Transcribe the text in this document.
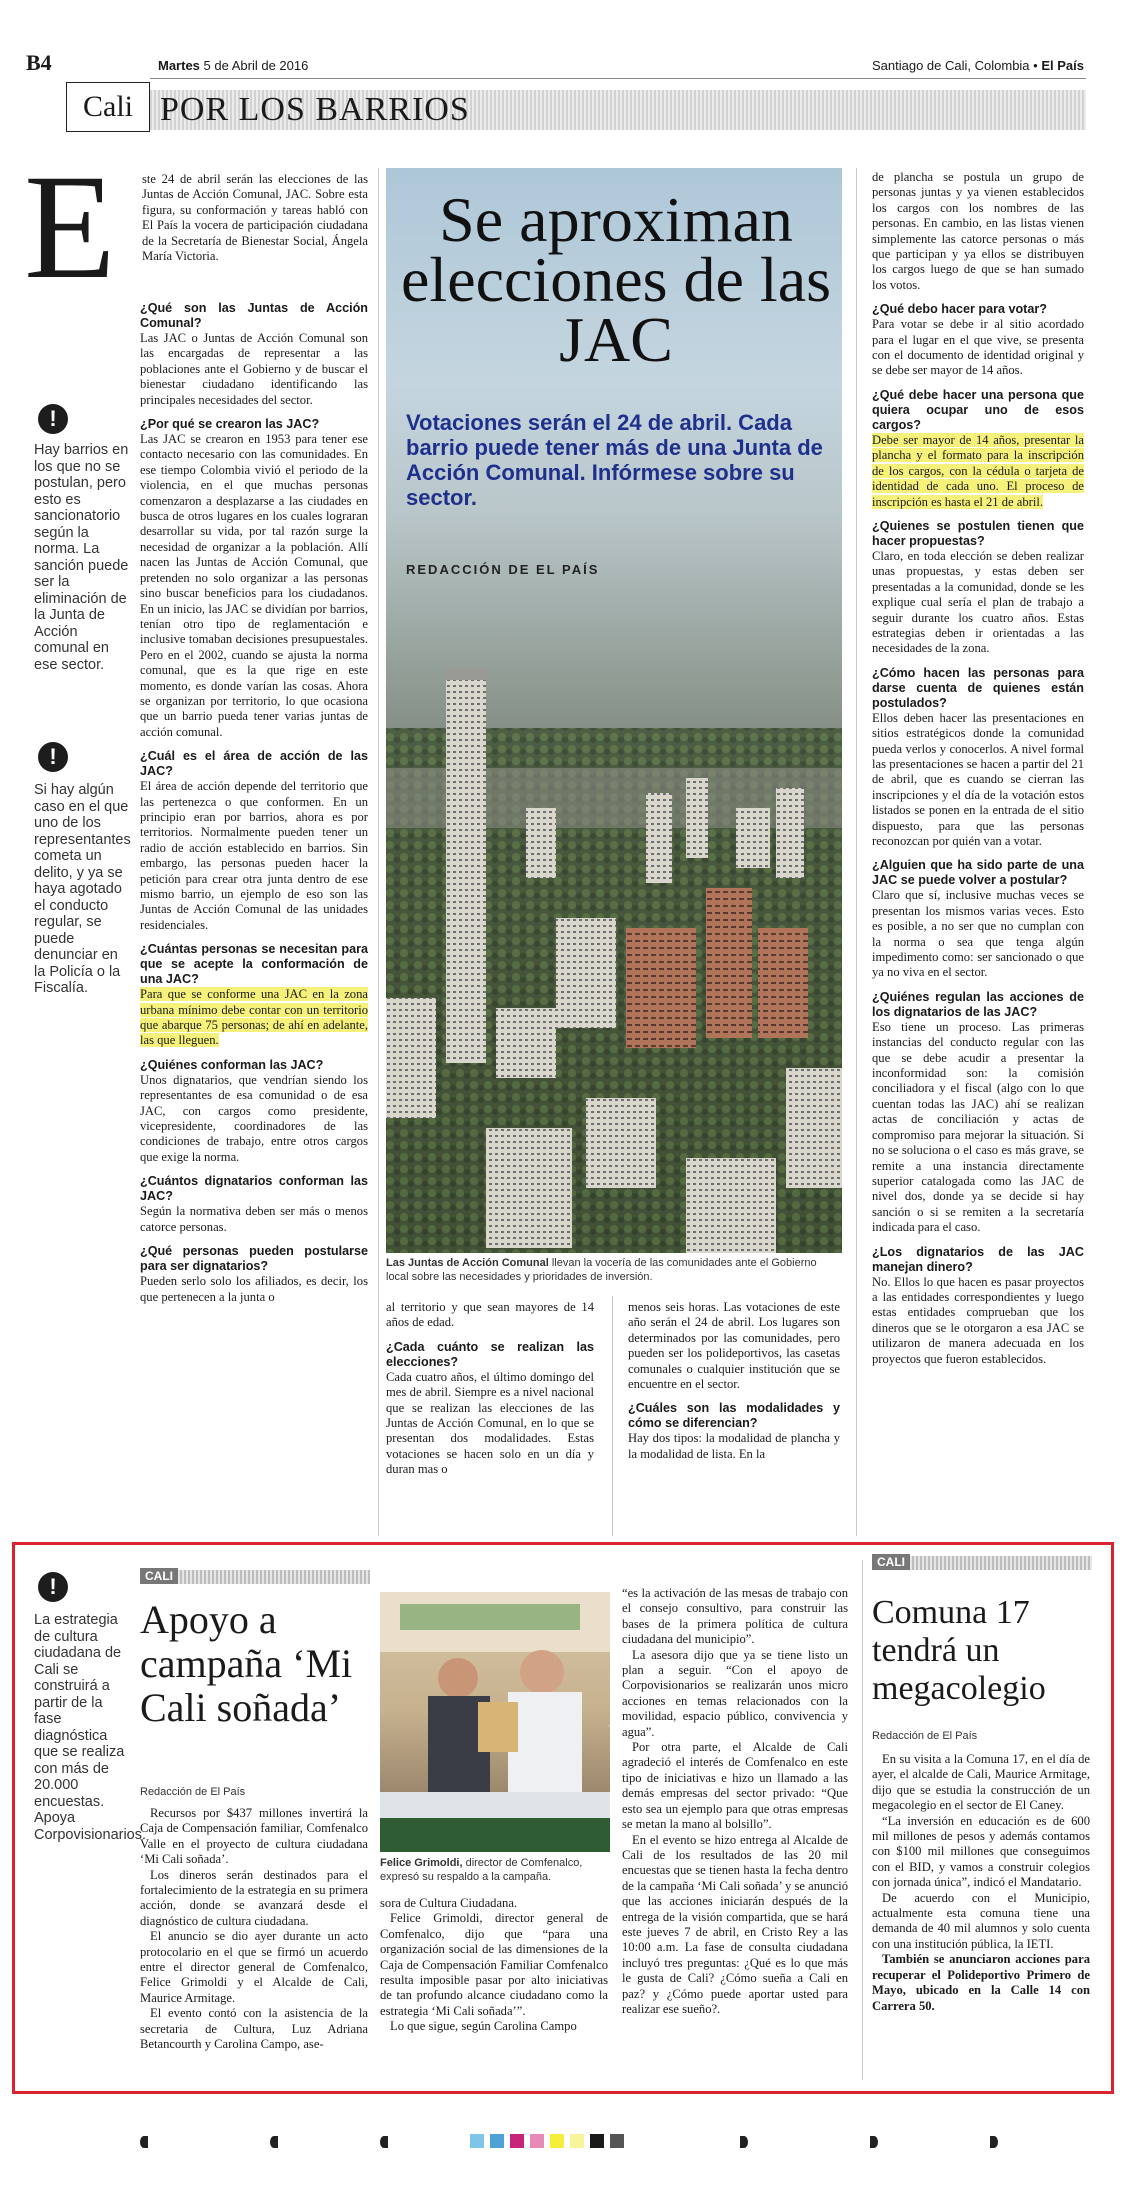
B4	Martes 5 de Abril de 2016	Santiago de Cali, Colombia • El País
Cali POR LOS BARRIOS
E ste 24 de abril serán las elecciones de las Juntas de Acción Comunal, JAC. Sobre esta figura, su conformación y tareas habló con El País la vocera de participación ciudadana de la Secretaría de Bienestar Social, Ángela María Victoria.
¿Qué son las Juntas de Acción Comunal?
Las JAC o Juntas de Acción Comunal son las encargadas de representar a las poblaciones ante el Gobierno y de buscar el bienestar ciudadano identificando las principales necesidades del sector.
¿Por qué se crearon las JAC?
Las JAC se crearon en 1953 para tener ese contacto necesario con las comunidades. En ese tiempo Colombia vivió el periodo de la violencia, en el que muchas personas comenzaron a desplazarse a las ciudades en busca de otros lugares en los cuales lograran desarrollar su vida, por tal razón surge la necesidad de organizar a la población. Allí nacen las Juntas de Acción Comunal, que pretenden no solo organizar a las personas sino buscar beneficios para los ciudadanos. En un inicio, las JAC se dividían por barrios, tenían otro tipo de reglamentación e inclusive tomaban decisiones presupuestales. Pero en el 2002, cuando se ajusta la norma comunal, que es la que rige en este momento, es donde varían las cosas. Ahora se organizan por territorio, lo que ocasiona que un barrio pueda tener varias juntas de acción comunal.
¿Cuál es el área de acción de las JAC?
El área de acción depende del territorio que las pertenezca o que conformen. En un principio eran por barrios, ahora es por territorios. Normalmente pueden tener un radio de acción establecido en barrios. Sin embargo, las personas pueden hacer la petición para crear otra junta dentro de ese mismo barrio, un ejemplo de eso son las Juntas de Acción Comunal de las unidades residenciales.
¿Cuántas personas se necesitan para que se acepte la conformación de una JAC?
Para que se conforme una JAC en la zona urbana mínimo debe contar con un territorio que abarque 75 personas; de ahí en adelante, las que lleguen.
¿Quiénes conforman las JAC?
Unos dignatarios, que vendrían siendo los representantes de esa comunidad o de esa JAC, con cargos como presidente, vicepresidente, coordinadores de las condiciones de trabajo, entre otros cargos que exige la norma.
¿Cuántos dignatarios conforman las JAC?
Según la normativa deben ser más o menos catorce personas.
¿Qué personas pueden postularse para ser dignatarios?
Pueden serlo solo los afiliados, es decir, los que pertenecen a la junta o
!
Hay barrios en los que no se postulan, pero esto es sancionatorio según la norma. La sanción puede ser la eliminación de la Junta de Acción comunal en ese sector.
!
Si hay algún caso en el que uno de los representantes cometa un delito, y ya se haya agotado el conducto regular, se puede denunciar en la Policía o la Fiscalía.
Se aproximan elecciones de las JAC
Votaciones serán el 24 de abril. Cada barrio puede tener más de una Junta de Acción Comunal. Infórmese sobre su sector.
REDACCIÓN DE EL PAÍS
Las Juntas de Acción Comunal llevan la vocería de las comunidades ante el Gobierno local sobre las necesidades y prioridades de inversión.
al territorio y que sean mayores de 14 años de edad.
¿Cada cuánto se realizan las elecciones?
Cada cuatro años, el último domingo del mes de abril. Siempre es a nivel nacional que se realizan las elecciones de las Juntas de Acción Comunal, en lo que se presentan dos modalidades. Estas votaciones se hacen solo en un día y duran mas o
menos seis horas. Las votaciones de este año serán el 24 de abril. Los lugares son determinados por las comunidades, pero pueden ser los polideportivos, las casetas comunales o cualquier institución que se encuentre en el sector.
¿Cuáles son las modalidades y cómo se diferencian?
Hay dos tipos: la modalidad de plancha y la modalidad de lista. En la
de plancha se postula un grupo de personas juntas y ya vienen establecidos los cargos con los nombres de las personas. En cambio, en las listas vienen simplemente las catorce personas o más que participan y ya ellos se distribuyen los cargos luego de que se han sumado los votos.
¿Qué debo hacer para votar?
Para votar se debe ir al sitio acordado para el lugar en el que vive, se presenta con el documento de identidad original y se debe ser mayor de 14 años.
¿Qué debe hacer una persona que quiera ocupar uno de esos cargos?
Debe ser mayor de 14 años, presentar la plancha y el formato para la inscripción de los cargos, con la cédula o tarjeta de identidad de cada uno. El proceso de inscripción es hasta el 21 de abril.
¿Quienes se postulen tienen que hacer propuestas?
Claro, en toda elección se deben realizar unas propuestas, y estas deben ser presentadas a la comunidad, donde se les explique cual sería el plan de trabajo a seguir durante los cuatro años. Estas estrategias deben ir orientadas a las necesidades de la zona.
¿Cómo hacen las personas para darse cuenta de quienes están postulados?
Ellos deben hacer las presentaciones en sitios estratégicos donde la comunidad pueda verlos y conocerlos. A nivel formal las presentaciones se hacen a partir del 21 de abril, que es cuando se cierran las inscripciones y el día de la votación estos listados se ponen en la entrada de el sitio dispuesto, para que las personas reconozcan por quién van a votar.
¿Alguien que ha sido parte de una JAC se puede volver a postular?
Claro que sí, inclusive muchas veces se presentan los mismos varias veces. Esto es posible, a no ser que no cumplan con la norma o sea que tenga algún impedimento como: ser sancionado o que ya no viva en el sector.
¿Quiénes regulan las acciones de los dignatarios de las JAC?
Eso tiene un proceso. Las primeras instancias del conducto regular con las que se debe acudir a presentar la inconformidad son: la comisión conciliadora y el fiscal (algo con lo que cuentan todas las JAC) ahí se realizan actas de conciliación y actas de compromiso para mejorar la situación. Si no se soluciona o el caso es más grave, se remite a una instancia directamente superior catalogada como las JAC de nivel dos, donde ya se decide si hay sanción o si se remiten a la secretaría indicada para el caso.
¿Los dignatarios de las JAC manejan dinero?
No. Ellos lo que hacen es pasar proyectos a las entidades correspondientes y luego estas entidades comprueban que los dineros que se le otorgaron a esa JAC se utilizaron de manera adecuada en los proyectos que fueron establecidos.
!
La estrategia de cultura ciudadana de Cali se construirá a partir de la fase diagnóstica que se realiza con más de 20.000 encuestas. Apoya Corpovisionarios.
CALI
Apoyo a campaña ‘Mi Cali soñada’
Redacción de El País

Recursos por $437 millones invertirá la Caja de Compensación familiar, Comfenalco Valle en el proyecto de cultura ciudadana ‘Mi Cali soñada’.

Los dineros serán destinados para el fortalecimiento de la estrategia en su primera acción, donde se avanzará desde el diagnóstico de cultura ciudadana.

El anuncio se dio ayer durante un acto protocolario en el que se firmó un acuerdo entre el director general de Comfenalco, Felice Grimoldi y el Alcalde de Cali, Maurice Armitage.

El evento contó con la asistencia de la secretaria de Cultura, Luz Adriana Betancourth y Carolina Campo, ase-

ESPECIAL PARA EL PAÍS
Felice Grimoldi, director de Comfenalco, expresó su respaldo a la campaña.
sora de Cultura Ciudadana.

Felice Grimoldi, director general de Comfenalco, dijo que “para una organización social de las dimensiones de la Caja de Compensación Familiar Comfenalco resulta imposible pasar por alto iniciativas de tan profundo alcance ciudadano como la estrategia ‘Mi Cali soñada’”.

Lo que sigue, según Carolina Campo

“es la activación de las mesas de trabajo con el consejo consultivo, para construir las bases de la primera política de cultura ciudadana del municipio”.

La asesora dijo que ya se tiene listo un plan a seguir. “Con el apoyo de Corpovisionarios se realizarán unos micro acciones en temas relacionados con la movilidad, espacio público, convivencia y agua”.

Por otra parte, el Alcalde de Cali agradeció el interés de Comfenalco en este tipo de iniciativas e hizo un llamado a las demás empresas del sector privado: “Que esto sea un ejemplo para que otras empresas se metan la mano al bolsillo”.

En el evento se hizo entrega al Alcalde de Cali de los resultados de las 20 mil encuestas que se tienen hasta la fecha dentro de la campaña ‘Mi Cali soñada’ y se anunció que las acciones iniciarán después de la entrega de la visión compartida, que se hará este jueves 7 de abril, en Cristo Rey a las 10:00 a.m. La fase de consulta ciudadana incluyó tres preguntas: ¿Qué es lo que más le gusta de Cali? ¿Cómo sueña a Cali en paz? y ¿Cómo puede aportar usted para realizar ese sueño?.

CALI
Comuna 17 tendrá un megacolegio
Redacción de El País

En su visita a la Comuna 17, en el día de ayer, el alcalde de Cali, Maurice Armitage, dijo que se estudia la construcción de un megacolegio en el sector de El Caney.

“La inversión en educación es de 600 mil millones de pesos y además contamos con $100 mil millones que conseguimos con el BID, y vamos a construir colegios con jornada única”, indicó el Mandatario.

De acuerdo con el Municipio, actualmente esta comuna tiene una demanda de 40 mil alumnos y solo cuenta con una institución pública, la IETI.

También se anunciaron acciones para recuperar el Polideportivo Primero de Mayo, ubicado en la Calle 14 con Carrera 50.
